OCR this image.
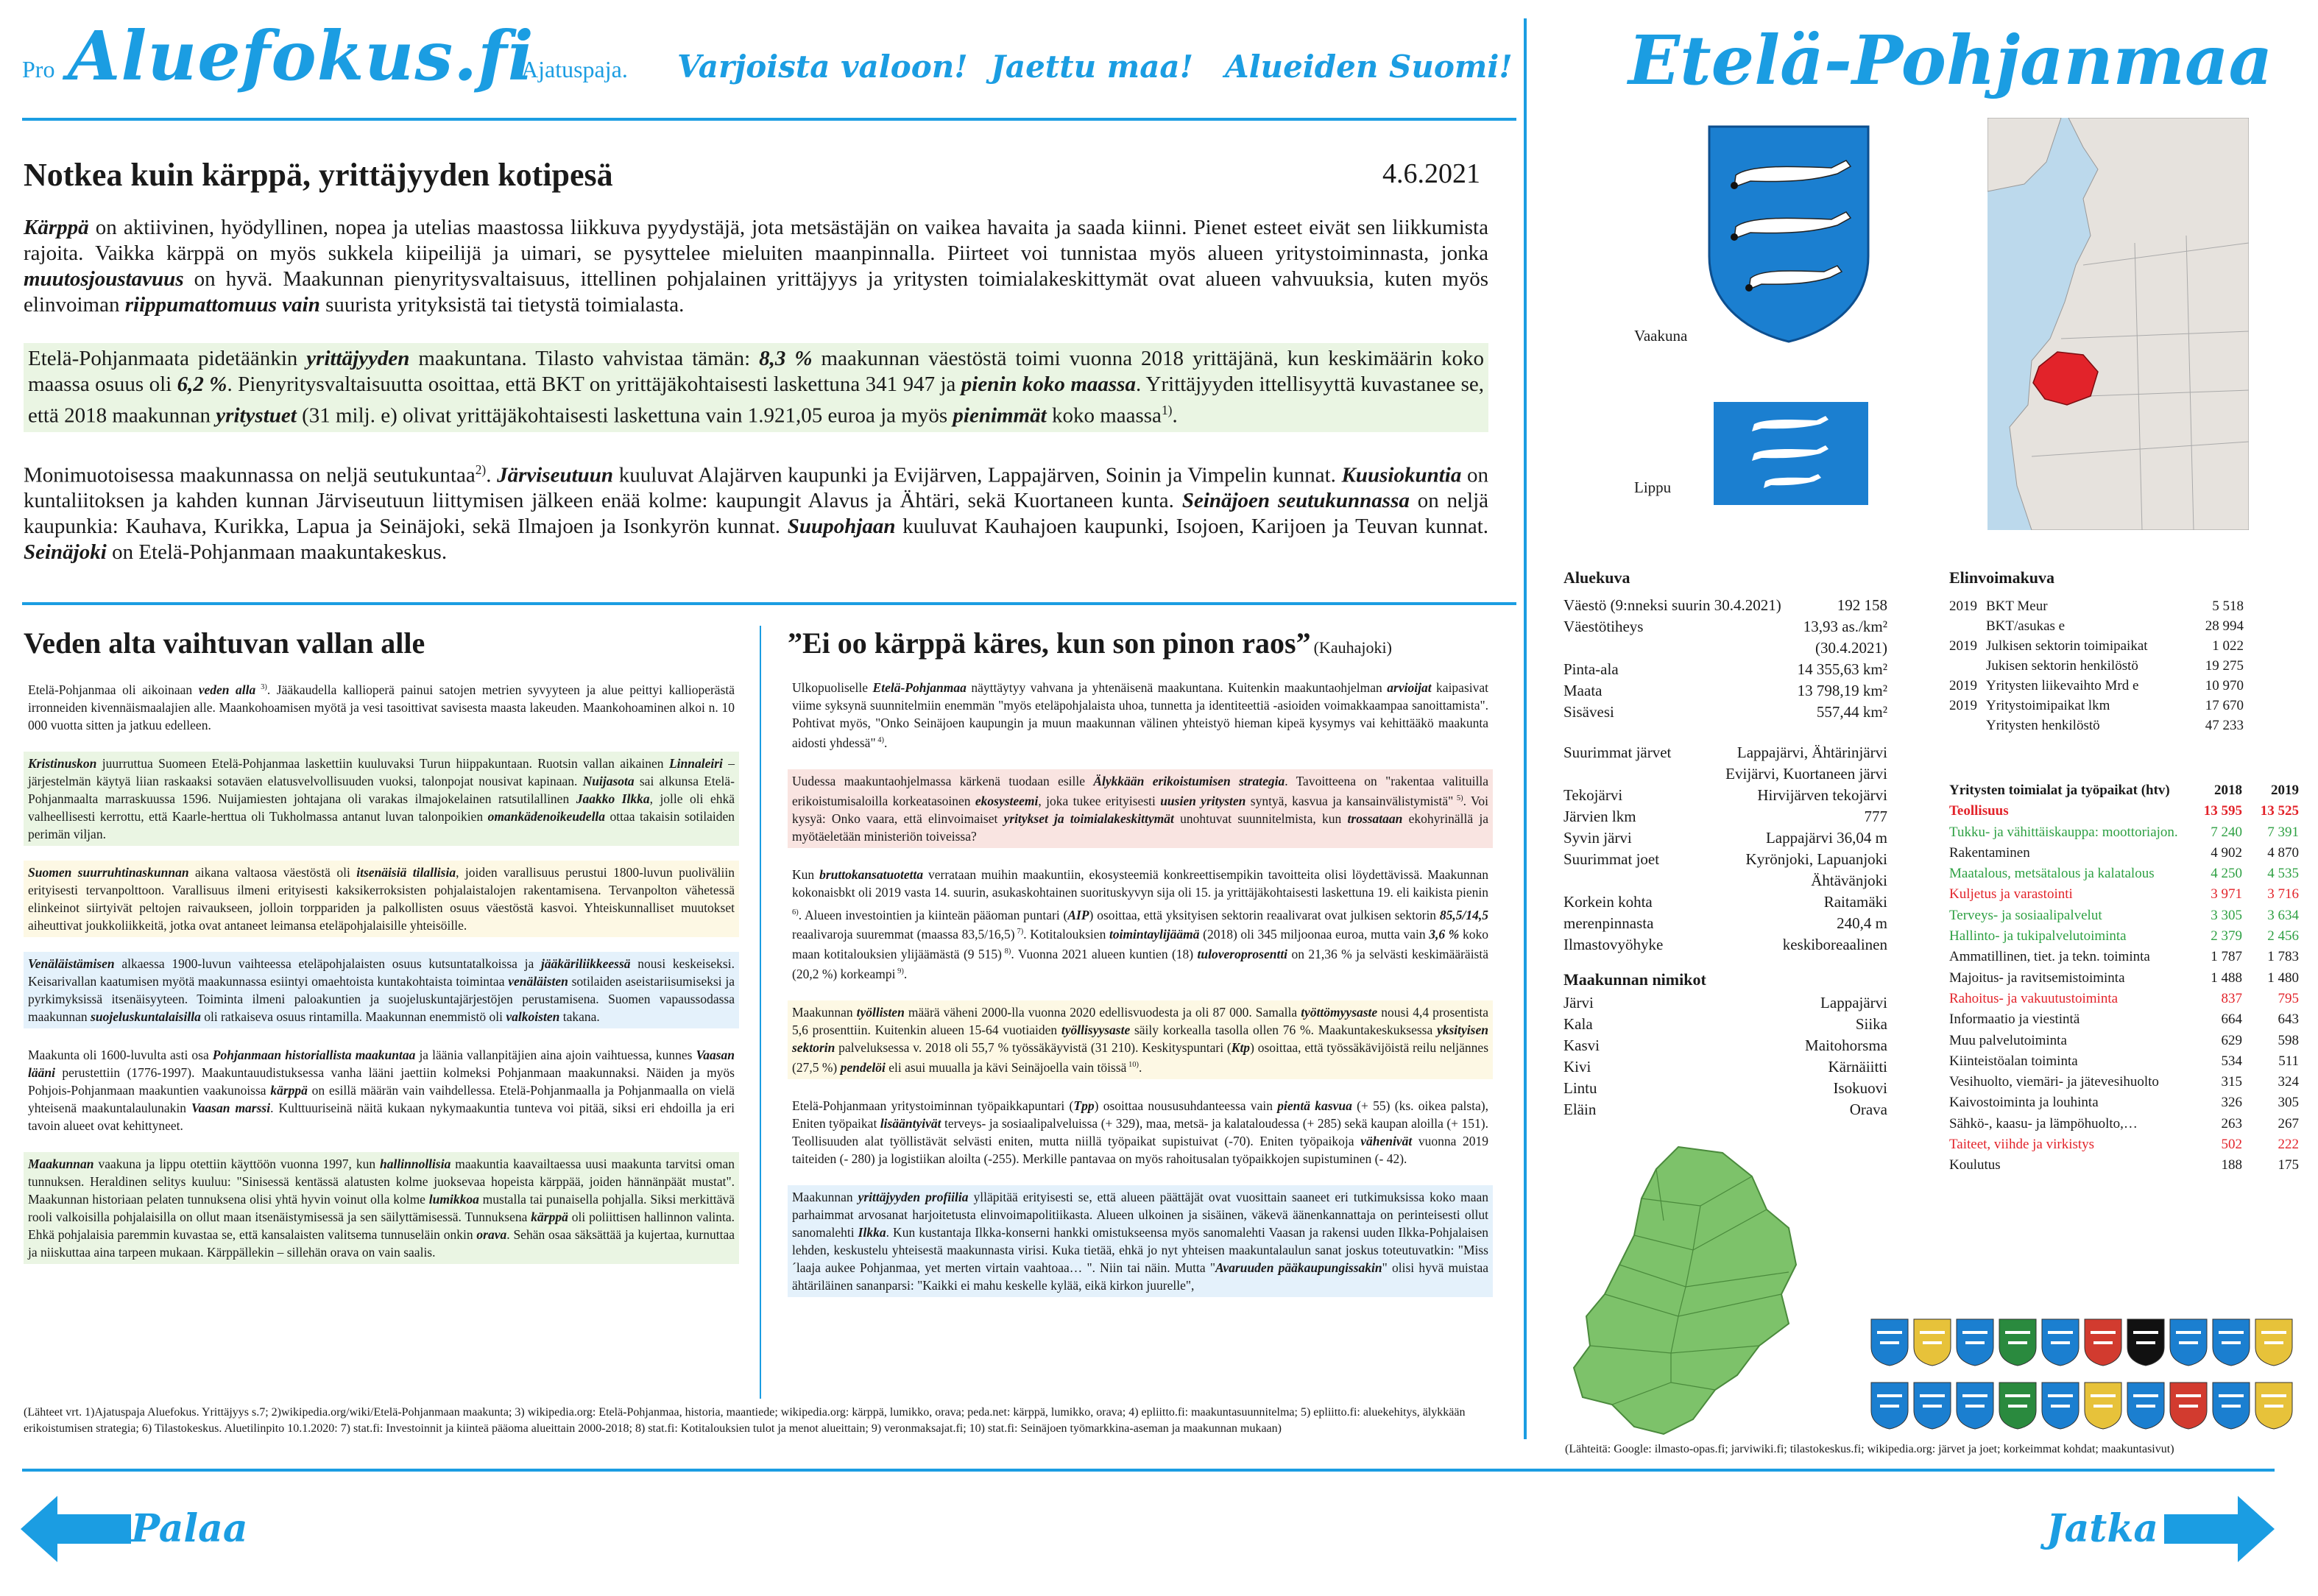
Pro Aluefokus.fi
Ajatuspaja. Varjoista valoon! Jaettu maa! Alueiden Suomi! Etelä-Pohjanmaa
Notkea kuin kärppä, yrittäjyyden kotipesä	4.6.2021

Kärppä on aktiivinen, hyödyllinen, nopea ja utelias maastossa liikkuva pyydystäjä, jota metsästäjän on vaikea havaita ja saada kiinni. Pienet esteet eivät sen liikkumista rajoita. Vaikka kärppä on myös sukkela kiipeilijä ja uimari, se pysyttelee mieluiten maanpinnalla. Piirteet voi tunnistaa myös alueen yritystoiminnasta, jonka muutosjoustavuus on hyvä. Maakunnan pienyritysvaltaisuus, ittellinen pohjalainen yrittäjyys ja yritysten toimialakeskittymät ovat alueen vahvuuksia, kuten myös elinvoiman riippumattomuus vain suurista yrityksistä tai tietystä toimialasta.

Etelä-Pohjanmaata pidetäänkin yrittäjyyden maakuntana. Tilasto vahvistaa tämän: 8,3 % maakunnan väestöstä toimi vuonna 2018 yrittäjänä, kun keskimäärin koko maassa osuus oli 6,2 %. Pienyritysvaltaisuutta osoittaa, että BKT on yrittäjäkohtaisesti laskettuna 341 947 ja pienin koko maassa. Yrittäjyyden ittellisyyttä kuvastanee se, että 2018 maakunnan yritystuet (31 milj. e) olivat yrittäjäkohtaisesti laskettuna vain 1.921,05 euroa ja myös pienimmät koko maassa$^{1)}$.

Monimuotoisessa maakunnassa on neljä seutukuntaa$^{2)}$. Järviseutuun kuuluvat Alajärven kaupunki ja Evijärven, Lappajärven, Soinin ja Vimpelin kunnat. Kuusiokuntia on kuntaliitoksen ja kahden kunnan Järviseutuun liittymisen jälkeen enää kolme: kaupungit Alavus ja Ähtäri, sekä Kuortaneen kunta. Seinäjoen seutukunnassa on neljä kaupunkia: Kauhava, Kurikka, Lapua ja Seinäjoki, sekä Ilmajoen ja Isonkyrön kunnat. Suupohjaan kuuluvat Kauhajoen kaupunki, Isojoen, Karijoen ja Teuvan kunnat. Seinäjoki on Etelä-Pohjanmaan maakuntakeskus.

Veden alta vaihtuvan vallan alle

Etelä-Pohjanmaa oli aikoinaan veden alla $^{3)}$. Jääkaudella kallioperä painui satojen metrien syvyyteen ja alue peittyi kallioperästä irronneiden kivennäismaalajien alle. Maankohoamisen myötä ja vesi tasoittivat savisesta maasta lakeuden. Maankohoaminen alkoi n. 10 000 vuotta sitten ja jatkuu edelleen.

Kristinuskon juurruttua Suomeen Etelä-Pohjanmaa laskettiin kuuluvaksi Turun hiippakuntaan. Ruotsin vallan aikainen Linnaleiri – järjestelmän käytyä liian raskaaksi sotaväen elatusvelvollisuuden vuoksi, talonpojat nousivat kapinaan. Nuijasota sai alkunsa Etelä-Pohjanmaalta marraskuussa 1596. Nuijamiesten johtajana oli varakas ilmajokelainen ratsutilallinen Jaakko Ilkka, jolle oli ehkä valheellisesti kerrottu, että Kaarle-herttua oli Tukholmassa antanut luvan talonpoikien omankädenoikeudella ottaa takaisin sotilaiden perimän viljan.

Suomen suurruhtinaskunnan aikana valtaosa väestöstä oli itsenäisiä tilallisia, joiden varallisuus perustui 1800-luvun puoliväliin erityisesti tervanpolttoon. Varallisuus ilmeni erityisesti kaksikerroksisten pohjalaistalojen rakentamisena. Tervanpolton vähetessä elinkeinot siirtyivät peltojen raivaukseen, jolloin torppariden ja palkollisten osuus väestöstä kasvoi. Yhteiskunnalliset muutokset aiheuttivat joukkoliikkeitä, jotka ovat antaneet leimansa eteläpohjalaisille yhteisöille.

Venäläistämisen alkaessa 1900-luvun vaihteessa eteläpohjalaisten osuus kutsuntatalkoissa ja jääkäriliikkeessä nousi keskeiseksi. Keisarivallan kaatumisen myötä maakunnassa esiintyi omaehtoista kuntakohtaista toimintaa venäläisten sotilaiden aseistariisumiseksi ja pyrkimyksissä itsenäisyyteen. Toiminta ilmeni paloakuntien ja suojeluskuntajärjestöjen perustamisena. Suomen vapaussodassa maakunnan suojeluskuntalaisilla oli ratkaiseva osuus rintamilla. Maakunnan enemmistö oli valkoisten takana.

Maakunta oli 1600-luvulta asti osa Pohjanmaan historiallista maakuntaa ja läänia vallanpitäjien aina ajoin vaihtuessa, kunnes Vaasan lääni perustettiin (1776-1997). Maakuntauudistuksessa vanha lääni jaettiin kolmeksi Pohjanmaan maakunnaksi. Näiden ja myös Pohjois-Pohjanmaan maakuntien vaakunoissa kärppä on esillä määrän vain vaihdellessa. Etelä-Pohjanmaalla ja Pohjanmaalla on vielä yhteisenä maakuntalaulunakin Vaasan marssi. Kulttuuriseinä näitä kukaan nykymaakuntia tunteva voi pitää, siksi eri ehdoilla ja eri tavoin alueet ovat kehittyneet.

Maakunnan vaakuna ja lippu otettiin käyttöön vuonna 1997, kun hallinnollisia maakuntia kaavailtaessa uusi maakunta tarvitsi oman tunnuksen. Heraldinen selitys kuuluu: "Sinisessä kentässä alatusten kolme juoksevaa hopeista kärppää, joiden hännänpäät mustat". Maakunnan historiaan pelaten tunnuksena olisi yhtä hyvin voinut olla kolme lumikkoa mustalla tai punaisella pohjalla. Siksi merkittävä rooli valkoisilla pohjalaisilla on ollut maan itsenäistymisessä ja sen säilyttämisessä. Tunnuksena kärppä oli poliittisen hallinnon valinta. Ehkä pohjalaisia paremmin kuvastaa se, että kansalaisten valitsema tunnuseläin onkin orava. Sehän osaa säksättää ja kujertaa, kurnuttaa ja niiskuttaa aina tarpeen mukaan. Kärppällekin – sillehän orava on vain saalis.

”Ei oo kärppä käres, kun son pinon raos” (Kauhajoki)

Ulkopuoliselle Etelä-Pohjanmaa näyttäytyy vahvana ja yhtenäisenä maakuntana. Kuitenkin maakuntaohjelman arvioijat kaipasivat viime syksynä suunnitelmiin enemmän "myös eteläpohjalaista uhoa, tunnetta ja identiteettiä -asioiden voimakkaampaa sanoittamista". Pohtivat myös, "Onko Seinäjoen kaupungin ja muun maakunnan välinen yhteistyö hieman kipeä kysymys vai kehittääkö maakunta aidosti yhdessä" $^{4)}$.

Uudessa maakuntaohjelmassa kärkenä tuodaan esille Älykkään erikoistumisen strategia. Tavoitteena on "rakentaa valituilla erikoistumisaloilla korkeatasoinen ekosysteemi, joka tukee erityisesti uusien yritysten syntyä, kasvua ja kansainvälistymistä" $^{5)}$. Voi kysyä: Onko vaara, että elinvoimaiset yritykset ja toimialakeskittymät unohtuvat suunnitelmista, kun trossataan ekohyrinällä ja myötäeletään ministeriön toiveissa?

Kun bruttokansatuotetta verrataan muihin maakuntiin, ekosysteemiä konkreettisempikin tavoitteita olisi löydettävissä. Maakunnan kokonaisbkt oli 2019 vasta 14. suurin, asukaskohtainen suorituskyvyn sija oli 15. ja yrittäjäkohtaisesti laskettuna 19. eli kaikista pienin $^{6)}$. Alueen investointien ja kiinteän pääoman puntari (AIP) osoittaa, että yksityisen sektorin reaalivarat ovat julkisen sektorin 85,5/14,5 reaalivaroja suuremmat (maassa 83,5/16,5) $^{7)}$. Kotitalouksien toimintaylijäämä (2018) oli 345 miljoonaa euroa, mutta vain 3,6 % koko maan kotitalouksien ylijäämästä (9 515) $^{8)}$. Vuonna 2021 alueen kuntien (18) tuloveroprosentti on 21,36 % ja selvästi keskimääräistä (20,2 %) korkeampi $^{9)}$.

Maakunnan työllisten määrä väheni 2000-lla vuonna 2020 edellisvuodesta ja oli 87 000. Samalla työttömyysaste nousi 4,4 prosentista 5,6 prosenttiin. Kuitenkin alueen 15-64 vuotiaiden työllisyysaste säily korkealla tasolla ollen 76 %. Maakuntakeskuksessa yksityisen sektorin palveluksessa v. 2018 oli 55,7 % työssäkäyvistä (31 210). Keskityspuntari (Ktp) osoittaa, että työssäkävijöistä reilu neljännes (27,5 %) pendelöi eli asui muualla ja kävi Seinäjoella vain töissä $^{10)}$.

Etelä-Pohjanmaan yritystoiminnan työpaikkapuntari (Tpp) osoittaa noususuhdanteessa vain pientä kasvua (+ 55) (ks. oikea palsta), Eniten työpaikat lisääntyivät terveys- ja sosiaalipalveluissa (+ 329), maa, metsä- ja kalataloudessa (+ 285) sekä kaupan aloilla (+ 151). Teollisuuden alat työllistävät selvästi eniten, mutta niillä työpaikat supistuivat (-70). Eniten työpaikoja vähenivät vuonna 2019 taiteiden (- 280) ja logistiikan aloilta (-255). Merkille pantavaa on myös rahoitusalan työpaikkojen supistuminen (- 42).

Maakunnan yrittäjyyden profiilia ylläpitää erityisesti se, että alueen päättäjät ovat vuosittain saaneet eri tutkimuksissa koko maan parhaimmat arvosanat harjoitetusta elinvoimapolitiikasta. Alueen ulkoinen ja sisäinen, väkevä äänenkannattaja on perinteisesti ollut sanomalehti Ilkka. Kun kustantaja Ilkka-konserni hankki omistukseensa myös sanomalehti Vaasan ja rakensi uuden Ilkka-Pohjalaisen lehden, keskustelu yhteisestä maakunnasta virisi. Kuka tietää, ehkä jo nyt yhteisen maakuntalaulun sanat joskus toteutuvatkin: "Miss´laaja aukee Pohjanmaa, yet merten virtain vaahtoaa… ". Niin tai näin. Mutta "Avaruuden pääkaupungissakin" olisi hyvä muistaa ähtäriläinen sananparsi: "Kaikki ei mahu keskelle kylää, eikä kirkon juurelle",

(Lähteet vrt. 1)Ajatuspaja Aluefokus. Yrittäjyys s.7; 2)wikipedia.org/wiki/Etelä-Pohjanmaan maakunta; 3) wikipedia.org: Etelä-Pohjanmaa, historia, maantiede; wikipedia.org: kärppä, lumikko, orava; peda.net: kärppä, lumikko, orava; 4) epliitto.fi: maakuntasuunnitelma; 5) epliitto.fi: aluekehitys, älykkään erikoistumisen strategia; 6) Tilastokeskus. Aluetilinpito 10.1.2020: 7) stat.fi: Investoinnit ja kiinteä pääoma alueittain 2000-2018; 8) stat.fi: Kotitalouksien tulot ja menot alueittain; 9) veronmaksajat.fi; 10) stat.fi: Seinäjoen työmarkkina-aseman ja maakunnan mukaan)

Vaakuna
Lippu
Aluekuva
Väestö (9:nneksi suurin 30.4.2021)	192 158
Väestötiheys	13,93 as./km²
	(30.4.2021)
Pinta-ala	14 355,63 km²
Maata	13 798,19 km²
Sisävesi	557,44 km²
Suurimmat järvet	Lappajärvi, Ähtärinjärvi
	Evijärvi, Kuortaneen järvi
Tekojärvi	Hirvijärven tekojärvi
Järvien lkm	777
Syvin järvi	Lappajärvi 36,04 m
Suurimmat joet	Kyrönjoki, Lapuanjoki
	Ähtävänjoki
Korkein kohta	Raitamäki
merenpinnasta	240,4 m
Ilmastovyöhyke	keskiboreaalinen
Maakunnan nimikot
Järvi	Lappajärvi
Kala	Siika
Kasvi	Maitohorsma
Kivi	Kärnäiitti
Lintu	Isokuovi
Eläin	Orava
Elinvoimakuva
2019	BKT Meur	5 518
	BKT/asukas e	28 994
2019	Julkisen sektorin toimipaikat	1 022
	Jukisen sektorin henkilöstö	19 275
2019	Yritysten liikevaihto Mrd e	10 970
2019	Yritystoimipaikat lkm	17 670
	Yritysten henkilöstö	47 233
Yritysten toimialat ja työpaikat (htv)	2018	2019
Teollisuus	13 595	13 525
Tukku- ja vähittäiskauppa: moottoriajon.	7 240	7 391
Rakentaminen	4 902	4 870
Maatalous, metsätalous ja kalatalous	4 250	4 535
Kuljetus ja varastointi	3 971	3 716
Terveys- ja sosiaalipalvelut	3 305	3 634
Hallinto- ja tukipalvelutoiminta	2 379	2 456
Ammatillinen, tiet. ja tekn. toiminta	1 787	1 783
Majoitus- ja ravitsemistoiminta	1 488	1 480
Rahoitus- ja vakuutustoiminta	837	795
Informaatio ja viestintä	664	643
Muu palvelutoiminta	629	598
Kiinteistöalan toiminta	534	511
Vesihuolto, viemäri- ja jätevesihuolto	315	324
Kaivostoiminta ja louhinta	326	305
Sähkö-, kaasu- ja lämpöhuolto,…	263	267
Taiteet, viihde ja virkistys	502	222
Koulutus	188	175

(Lähteitä: Google: ilmasto-opas.fi; jarviwiki.fi; tilastokeskus.fi; wikipedia.org: järvet ja joet; korkeimmat kohdat; maakuntasivut)

Palaa	Jatka
